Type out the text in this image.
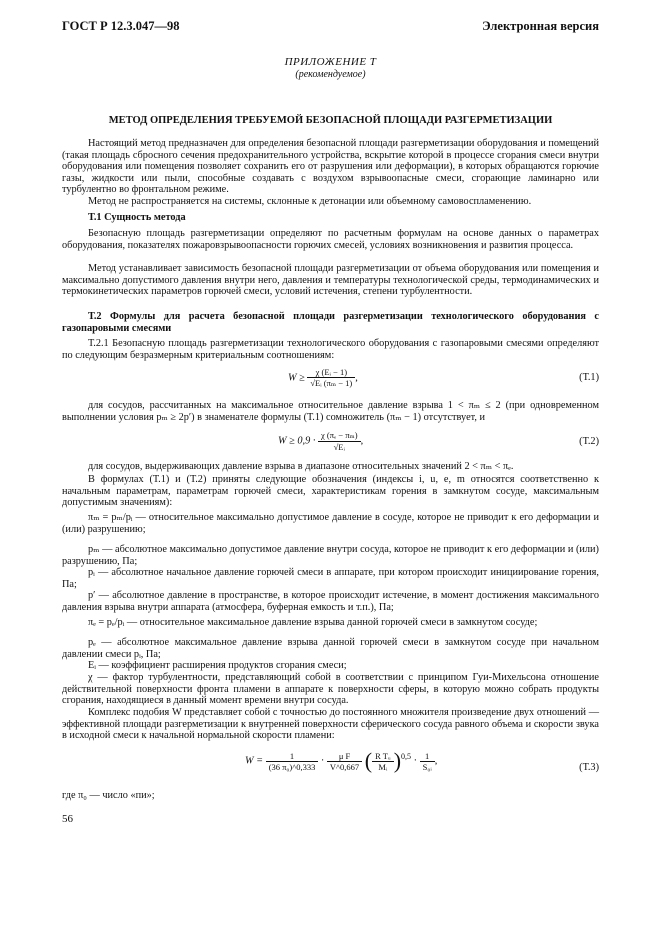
ГОСТ Р 12.3.047—98	Электронная версия
ПРИЛОЖЕНИЕ Т
(рекомендуемое)
МЕТОД ОПРЕДЕЛЕНИЯ ТРЕБУЕМОЙ БЕЗОПАСНОЙ ПЛОЩАДИ РАЗГЕРМЕТИЗАЦИИ

Настоящий метод предназначен для определения безопасной площади разгерметизации оборудования и помещений (такая площадь сбросного сечения предохранительного устройства, вскрытие которой в процессе сгорания смеси внутри оборудования или помещения позволяет сохранить его от разрушения или деформации), в которых обращаются горючие газы, жидкости или пыли, способные создавать с воздухом взрывоопасные смеси, сгорающие ламинарно или турбулентно во фронтальном режиме.

Метод не распространяется на системы, склонные к детонации или объемному самовоспламенению.

Т.1 Сущность метода

Безопасную площадь разгерметизации определяют по расчетным формулам на основе данных о параметрах оборудования, показателях пожаровзрывоопасности горючих смесей, условиях возникновения и развития процесса.

Метод устанавливает зависимость безопасной площади разгерметизации от объема оборудования или помещения и максимально допустимого давления внутри него, давления и температуры технологической среды, термодинамических и термокинетических параметров горючей смеси, условий истечения, степени турбулентности.

Т.2 Формулы для расчета безопасной площади разгерметизации технологического оборудования с газопаровыми смесями

Т.2.1 Безопасную площадь разгерметизации технологического оборудования с газопаровыми смесями определяют по следующим безразмерным критериальным соотношениям:

$W \ge \frac{\text{χ (Eᵢ − 1)}}{\text{√Eᵢ (πₘ − 1)}}$ ,	(Т.1)

для сосудов, рассчитанных на максимальное относительное давление взрыва 1 < πₘ ≤ 2 (при одновременном выполнении условия pₘ ≥ 2p′) в знаменателе формулы (Т.1) сомножитель (πₘ − 1) отсутствует, и

$W \ge 0,9 \cdot \frac{\text{χ (πₑ − πₘ)}}{\text{√Eᵢ}}$ ,	(Т.2)

для сосудов, выдерживающих давление взрыва в диапазоне относительных значений 2 < πₘ < πₑ.

В формулах (Т.1) и (Т.2) приняты следующие обозначения (индексы i, u, e, m относятся соответственно к начальным параметрам, параметрам горючей смеси, характеристикам горения в замкнутом сосуде, максимальным допустимым значениям):

πₘ = pₘ/pᵢ — относительное максимально допустимое давление в сосуде, которое не приводит к его деформации и (или) разрушению;

pₘ — абсолютное максимально допустимое давление внутри сосуда, которое не приводит к его деформации и (или) разрушению, Па;

pᵢ — абсолютное начальное давление горючей смеси в аппарате, при котором происходит инициирование горения, Па;

p′ — абсолютное давление в пространстве, в которое происходит истечение, в момент достижения максимального давления взрыва внутри аппарата (атмосфера, буферная емкость и т.п.), Па;

πₑ = pₑ/pᵢ — относительное максимальное давление взрыва данной горючей смеси в замкнутом сосуде;

pₑ — абсолютное максимальное давление взрыва данной горючей смеси в замкнутом сосуде при начальном давлении смеси pᵢ, Па;

Eᵢ — коэффициент расширения продуктов сгорания смеси;

χ — фактор турбулентности, представляющий собой в соответствии с принципом Гуи-Михельсона отношение действительной поверхности фронта пламени в аппарате к поверхности сферы, в которую можно собрать продукты сгорания, находящиеся в данный момент времени внутри сосуда.

Комплекс подобия W представляет собой с точностью до постоянного множителя произведение двух отношений — эффективной площади разгерметизации к внутренней поверхности сферического сосуда равного объема и скорости звука в исходной смеси к начальной нормальной скорости пламени:

$W = \frac{1}{\text{(36 π₀)\textasciicircum{}0,333}} \cdot \frac{\text{μ F}}{V\^{}0,667}$ ( $\frac{\text{R Tᵤ}}{\text{Mᵢ}} )^{0,5} \cdot \frac{1}{\text{S₀ᵢ}}$ ,
(Т.3)

где π₀ — число «пи»;

56
